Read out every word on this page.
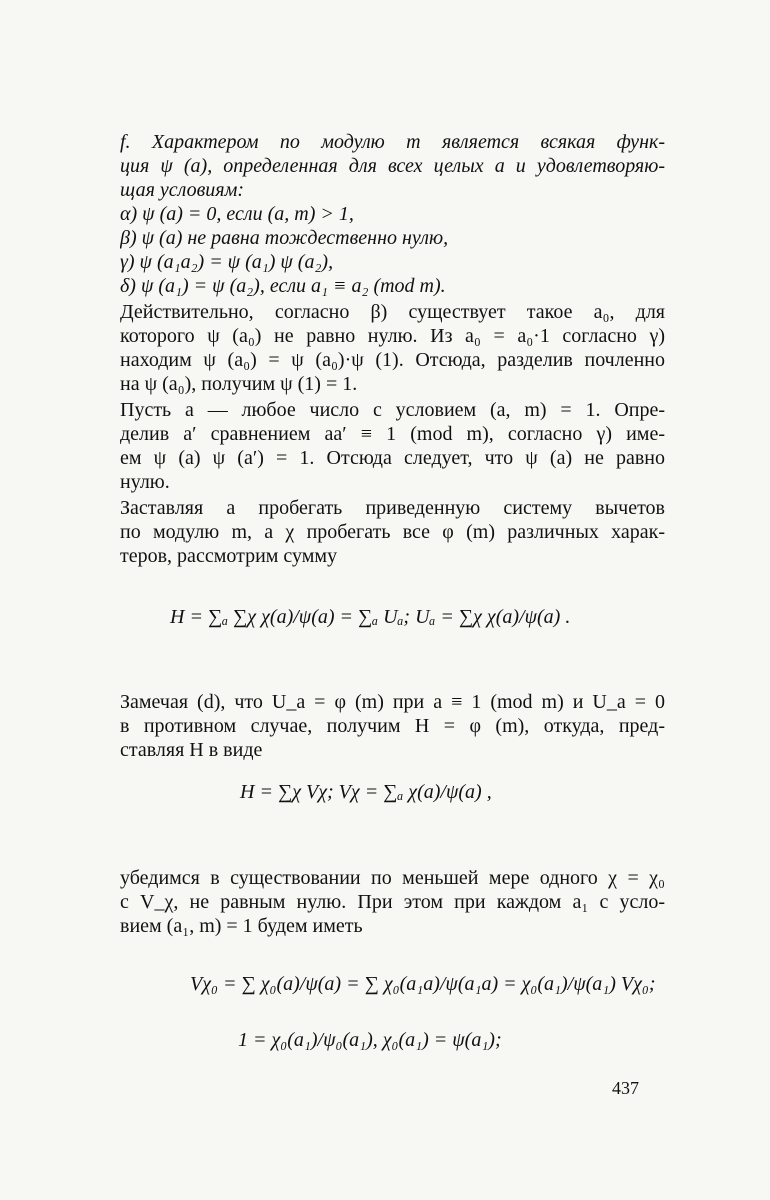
f. Характером по модулю m является всякая функ-
ция ψ (a), определенная для всех целых a и удовлетворяю-
щая условиям:
α) ψ (a) = 0, если (a, m) > 1,
β) ψ (a) не равна тождественно нулю,
γ) ψ (a₁a₂) = ψ (a₁) ψ (a₂),
δ) ψ (a₁) = ψ (a₂), если a₁ ≡ a₂ (mod m).
Действительно, согласно β) существует такое a₀, для
которого ψ (a₀) не равно нулю. Из a₀ = a₀·1 согласно γ)
находим ψ (a₀) = ψ (a₀)·ψ (1). Отсюда, разделив почленно
на ψ (a₀), получим ψ (1) = 1.
Пусть a — любое число с условием (a, m) = 1. Опре-
делив a′ сравнением aa′ ≡ 1 (mod m), согласно γ) име-
ем ψ (a) ψ (a′) = 1. Отсюда следует, что ψ (a) не равно
нулю.
Заставляя a пробегать приведенную систему вычетов
по модулю m, а χ пробегать все φ (m) различных харак-
теров, рассмотрим сумму
H = ∑ₐ ∑χ χ(a)/ψ(a) = ∑ₐ Uₐ; Uₐ = ∑χ χ(a)/ψ(a) .
Замечая (d), что U_a = φ (m) при a ≡ 1 (mod m) и U_a = 0
в противном случае, получим H = φ (m), откуда, пред-
ставляя H в виде
H = ∑χ Vχ; Vχ = ∑ₐ χ(a)/ψ(a) ,
убедимся в существовании по меньшей мере одного χ = χ₀
с V_χ, не равным нулю. При этом при каждом a₁ с усло-
вием (a₁, m) = 1 будем иметь
Vχ₀ = ∑ χ₀(a)/ψ(a) = ∑ χ₀(a₁a)/ψ(a₁a) = χ₀(a₁)/ψ(a₁) Vχ₀;
1 = χ₀(a₁)/ψ₀(a₁), χ₀(a₁) = ψ(a₁);
437
